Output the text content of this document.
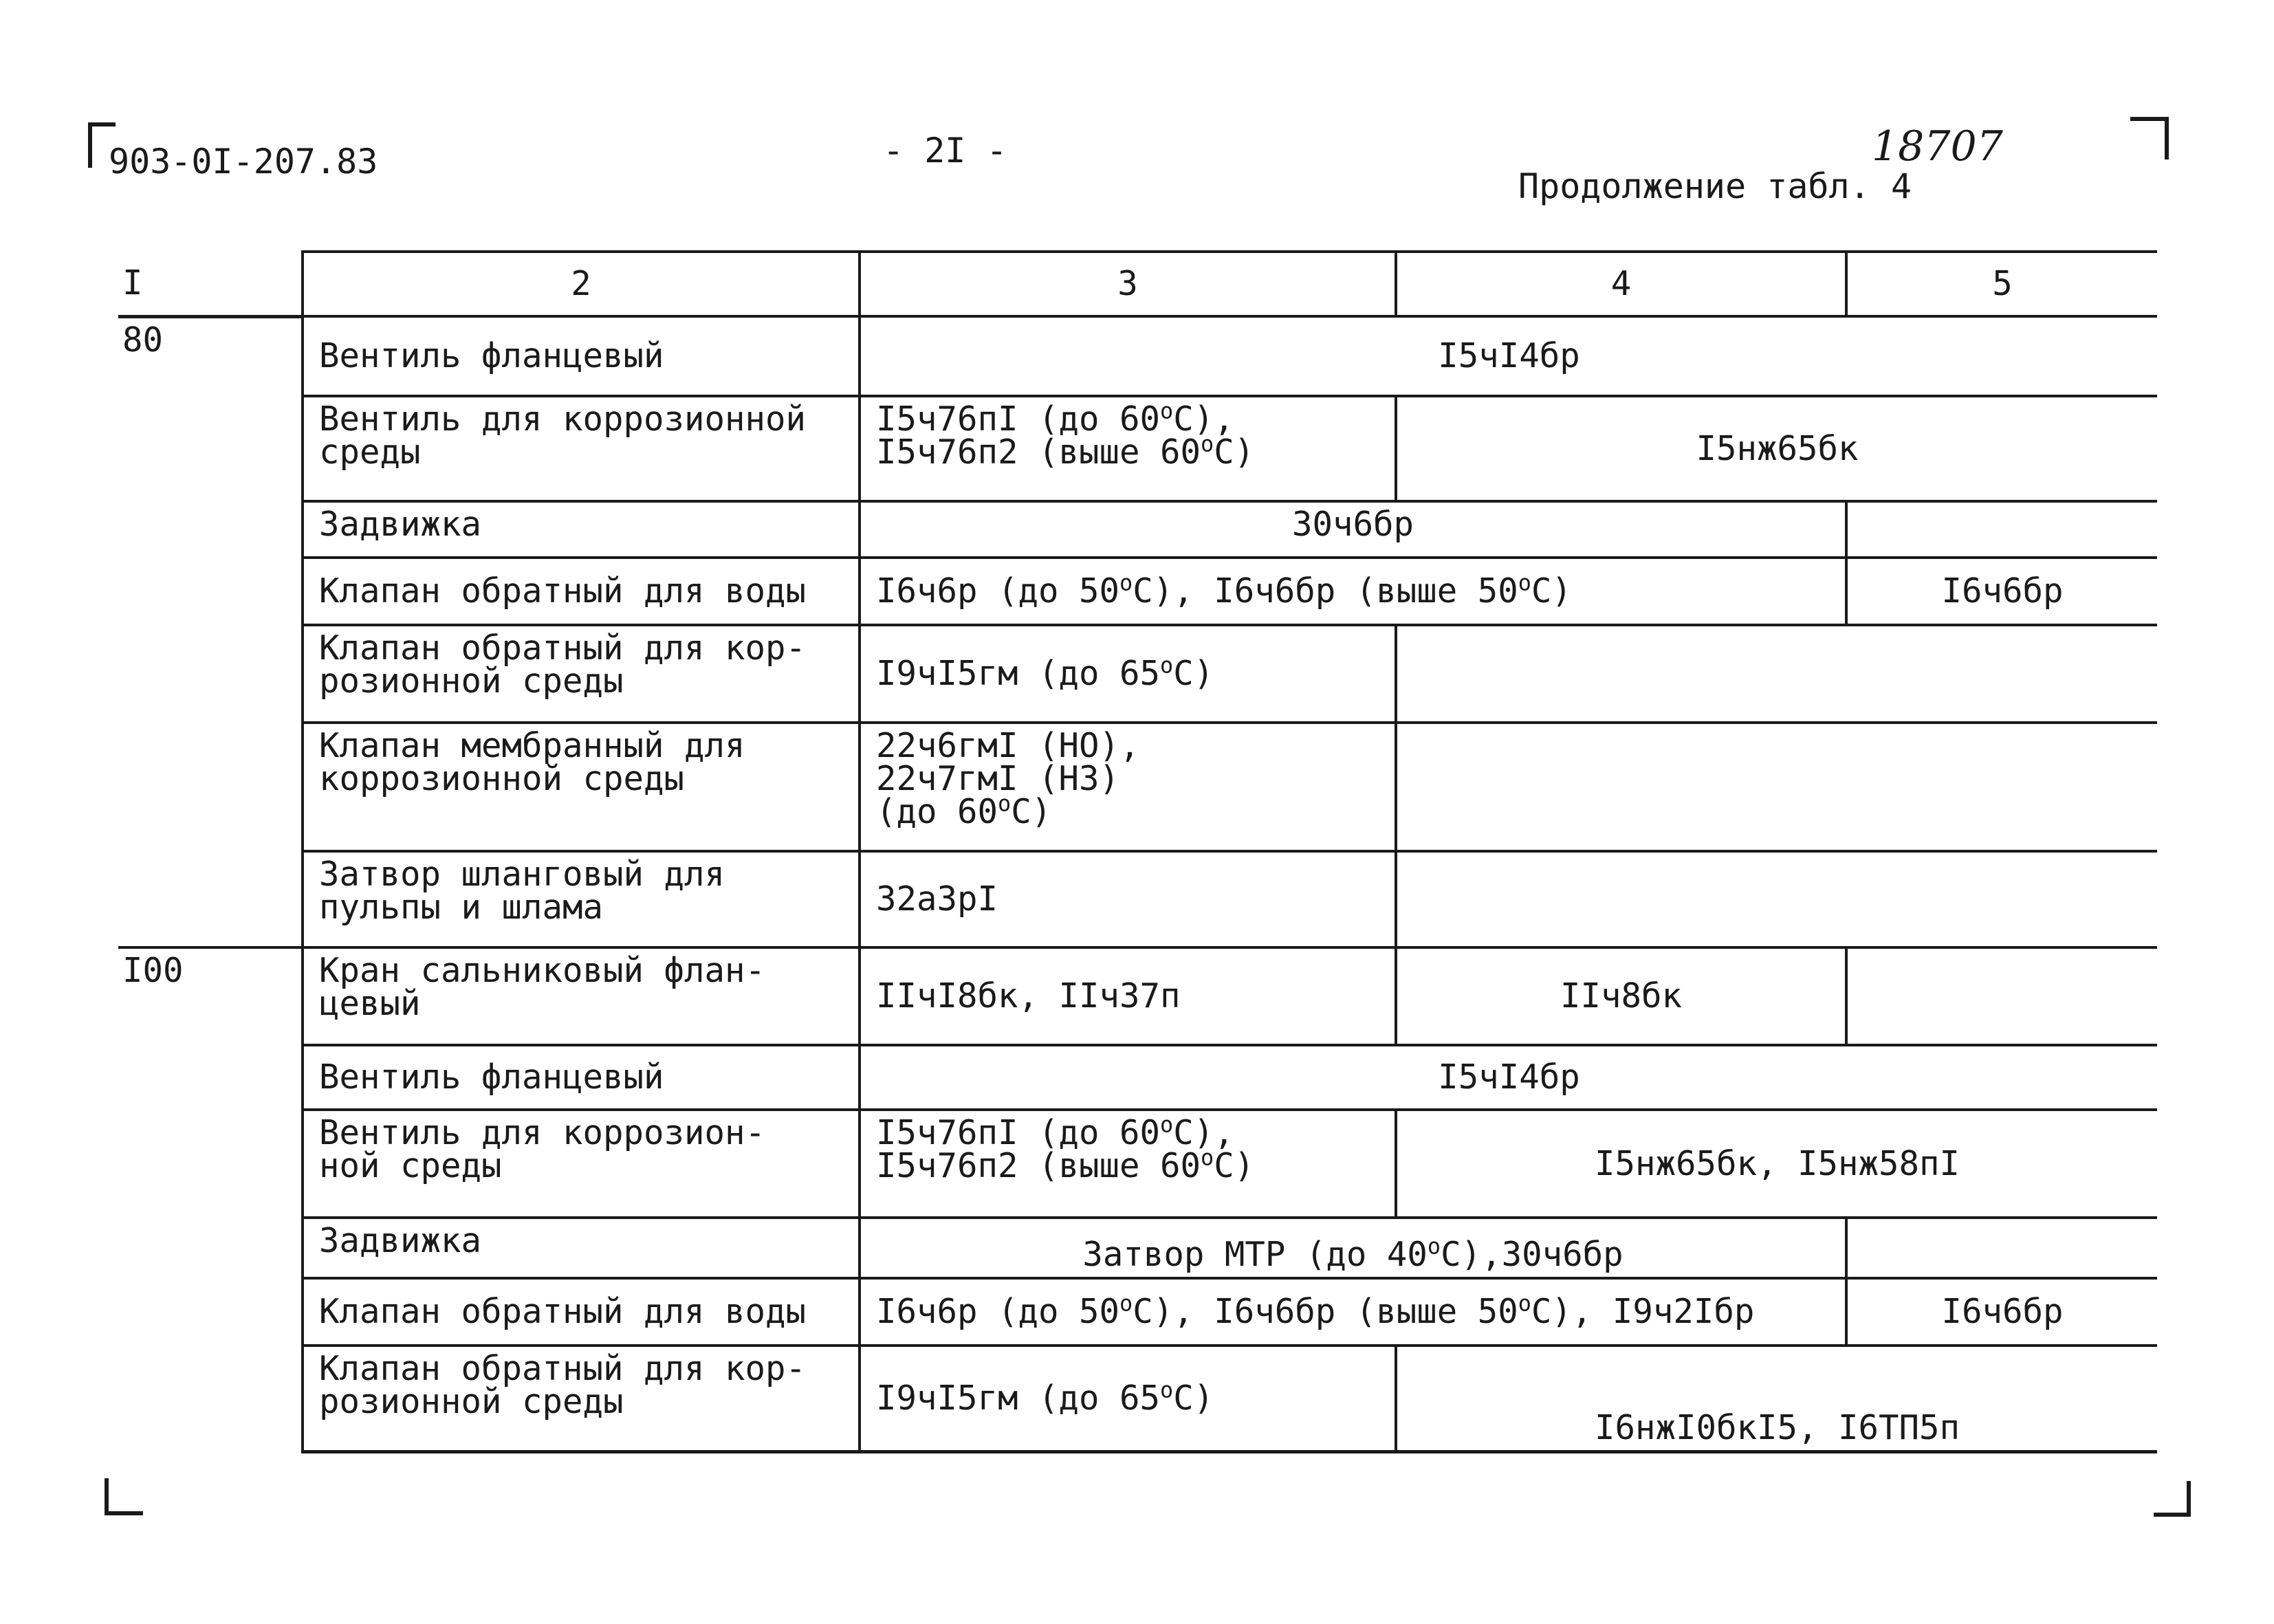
903-0I-207.83	- 2I -	18707
Продолжение табл. 4
I	2	3	4	5
80	Вентиль фланцевый	I5чI4бр		

	Вентиль для коррозионной
среды	I5ч76пI (до 60$^o$C),
I5ч76п2 (выше 60$^o$C)	I5нж65бк	
	Задвижка	30ч6бр		
	Клапан обратный для воды	I6ч6р (до 50$^o$C), I6ч6бр (выше 50$^o$C)		I6ч6бр

	Клапан обратный для кор-
розионной среды	I9чI5гм (до 65$^o$C)		

	Клапан мембранный для
коррозионной среды	22ч6гмI (НО),
22ч7гмI (НЗ)
(до 60$^o$C)		

	Затвор шланговый для
пульпы и шлама	32а3рI		
I00	Кран сальниковый флан-
цевый	IIчI8бк, IIч37п	IIч8бк	
	Вентиль фланцевый	I5чI4бр		

	Вентиль для коррозион-
ной среды	I5ч76пI (до 60$^o$C),
I5ч76п2 (выше 60$^o$C)	I5нж65бк, I5нж58пI	
	Задвижка	Затвор МТР (до 40$^o$C),30ч6бр		
	Клапан обратный для воды	I6ч6р (до 50$^o$C), I6ч6бр (выше 50$^o$C), I9ч2Iбр		I6ч6бр

	Клапан обратный для кор-
розионной среды	I9чI5гм (до 65$^o$C)	I6нжI0бкI5, I6ТП5п	
